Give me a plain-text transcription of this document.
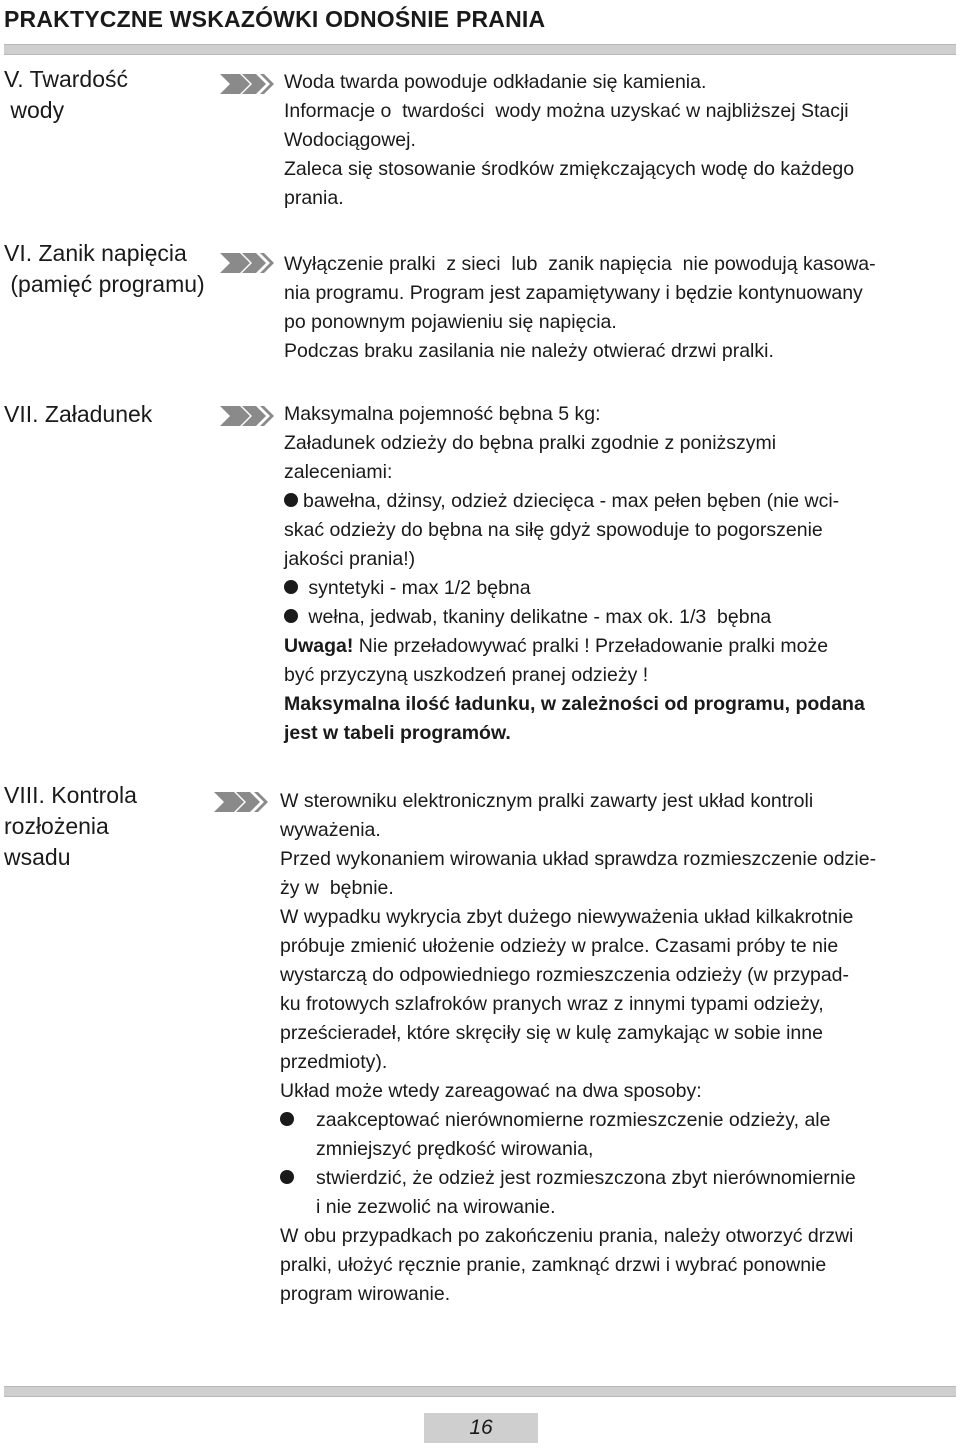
PRAKTYCZNE WSKAZÓWKI ODNOŚNIE PRANIA
V. Twardość
wody
Woda twarda powoduje odkładanie się kamienia.
Informacje o  twardości  wody można uzyskać w najbliższej Stacji
Wodociągowej.
Zaleca się stosowanie środków zmiękczających wodę do każdego
prania.
VI. Zanik napięcia
(pamięć programu)
Wyłączenie pralki  z sieci  lub  zanik napięcia  nie powodują kasowa-
nia programu. Program jest zapamiętywany i będzie kontynuowany
po ponownym pojawieniu się napięcia.
Podczas braku zasilania nie należy otwierać drzwi pralki.
VII. Załadunek	Maksymalna pojemność bębna 5 kg:
Załadunek odzieży do bębna pralki zgodnie z poniższymi
zaleceniami:
bawełna, dżinsy, odzież dziecięca - max pełen bęben (nie wci-
skać odzieży do bębna na siłę gdyż spowoduje to pogorszenie
jakości prania!)
syntetyki - max 1/2 bębna
wełna, jedwab, tkaniny delikatne - max ok. 1/3  bębna
Uwaga! Nie przeładowywać pralki ! Przeładowanie pralki może
być przyczyną uszkodzeń pranej odzieży !
Maksymalna ilość ładunku, w zależności od programu, podana
jest w tabeli programów.
VIII. Kontrola
rozłożenia
wsadu
W sterowniku elektronicznym pralki zawarty jest układ kontroli
wyważenia.
Przed wykonaniem wirowania układ sprawdza rozmieszczenie odzie-
ży w  bębnie.
W wypadku wykrycia zbyt dużego niewyważenia układ kilkakrotnie
próbuje zmienić ułożenie odzieży w pralce. Czasami próby te nie
wystarczą do odpowiedniego rozmieszczenia odzieży (w przypad-
ku frotowych szlafroków pranych wraz z innymi typami odzieży,
prześcieradeł, które skręciły się w kulę zamykając w sobie inne
przedmioty).
Układ może wtedy zareagować na dwa sposoby:
zaakceptować nierównomierne rozmieszczenie odzieży, ale
zmniejszyć prędkość wirowania,
stwierdzić, że odzież jest rozmieszczona zbyt nierównomiernie
i nie zezwolić na wirowanie.
W obu przypadkach po zakończeniu prania, należy otworzyć drzwi
pralki, ułożyć ręcznie pranie, zamknąć drzwi i wybrać ponownie
program wirowanie.
16
